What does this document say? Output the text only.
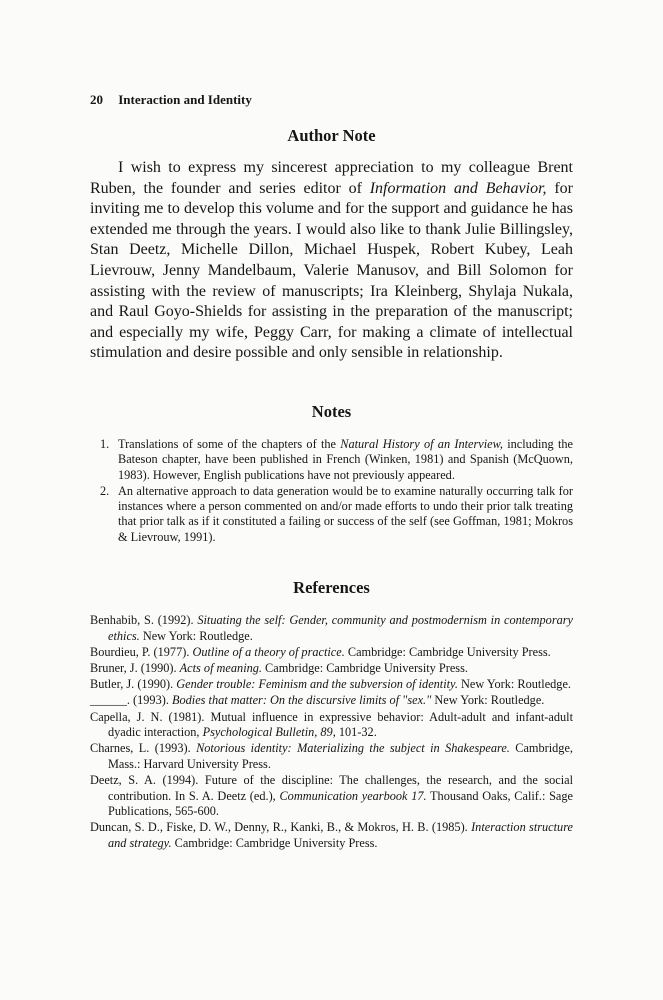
20 Interaction and Identity
Author Note

I wish to express my sincerest appreciation to my colleague Brent Ruben, the founder and series editor of Information and Behavior, for inviting me to develop this volume and for the support and guidance he has extended me through the years. I would also like to thank Julie Billingsley, Stan Deetz, Michelle Dillon, Michael Huspek, Robert Kubey, Leah Lievrouw, Jenny Mandelbaum, Valerie Manusov, and Bill Solomon for assisting with the review of manuscripts; Ira Kleinberg, Shylaja Nukala, and Raul Goyo-Shields for assisting in the preparation of the manuscript; and especially my wife, Peggy Carr, for making a climate of intellectual stimulation and desire possible and only sensible in relationship.

Notes
1. Translations of some of the chapters of the Natural History of an Interview, including the Bateson chapter, have been published in French (Winken, 1981) and Spanish (McQuown, 1983). However, English publications have not previously appeared.
2. An alternative approach to data generation would be to examine naturally occurring talk for instances where a person commented on and/or made efforts to undo their prior talk treating that prior talk as if it constituted a failing or success of the self (see Goffman, 1981; Mokros & Lievrouw, 1991).
References
Benhabib, S. (1992). Situating the self: Gender, community and postmodernism in contemporary ethics. New York: Routledge.
Bourdieu, P. (1977). Outline of a theory of practice. Cambridge: Cambridge University Press.
Bruner, J. (1990). Acts of meaning. Cambridge: Cambridge University Press.
Butler, J. (1990). Gender trouble: Feminism and the subversion of identity. New York: Routledge.
______. (1993). Bodies that matter: On the discursive limits of "sex." New York: Routledge.
Capella, J. N. (1981). Mutual influence in expressive behavior: Adult-adult and infant-adult dyadic interaction, Psychological Bulletin, 89, 101-32.
Charnes, L. (1993). Notorious identity: Materializing the subject in Shakespeare. Cambridge, Mass.: Harvard University Press.
Deetz, S. A. (1994). Future of the discipline: The challenges, the research, and the social contribution. In S. A. Deetz (ed.), Communication yearbook 17. Thousand Oaks, Calif.: Sage Publications, 565-600.
Duncan, S. D., Fiske, D. W., Denny, R., Kanki, B., & Mokros, H. B. (1985). Interaction structure and strategy. Cambridge: Cambridge University Press.
